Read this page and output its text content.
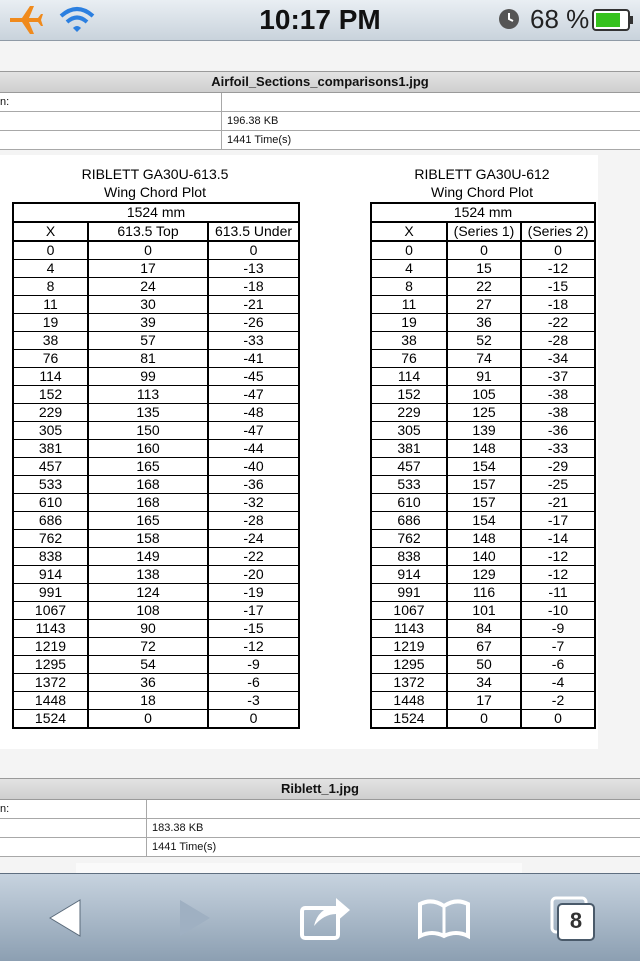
10:17 PM	68 %
Airfoil_Sections_comparisons1.jpg
n:
196.38 KB
1441 Time(s)
RIBLETT GA30U-613.5
Wing Chord Plot
1524 mm		
X	613.5 Top	613.5 Under
0	0	0
4	17	-13
8	24	-18
11	30	-21
19	39	-26
38	57	-33
76	81	-41
114	99	-45
152	113	-47
229	135	-48
305	150	-47
381	160	-44
457	165	-40
533	168	-36
610	168	-32
686	165	-28
762	158	-24
838	149	-22
914	138	-20
991	124	-19
1067	108	-17
1143	90	-15
1219	72	-12
1295	54	-9
1372	36	-6
1448	18	-3
1524	0	0
RIBLETT GA30U-612
Wing Chord Plot
1524 mm		
X	(Series 1)	(Series 2)
0	0	0
4	15	-12
8	22	-15
11	27	-18
19	36	-22
38	52	-28
76	74	-34
114	91	-37
152	105	-38
229	125	-38
305	139	-36
381	148	-33
457	154	-29
533	157	-25
610	157	-21
686	154	-17
762	148	-14
838	140	-12
914	129	-12
991	116	-11
1067	101	-10
1143	84	-9
1219	67	-7
1295	50	-6
1372	34	-4
1448	17	-2
1524	0	0
Riblett_1.jpg
n:
183.38 KB
1441 Time(s)
8
